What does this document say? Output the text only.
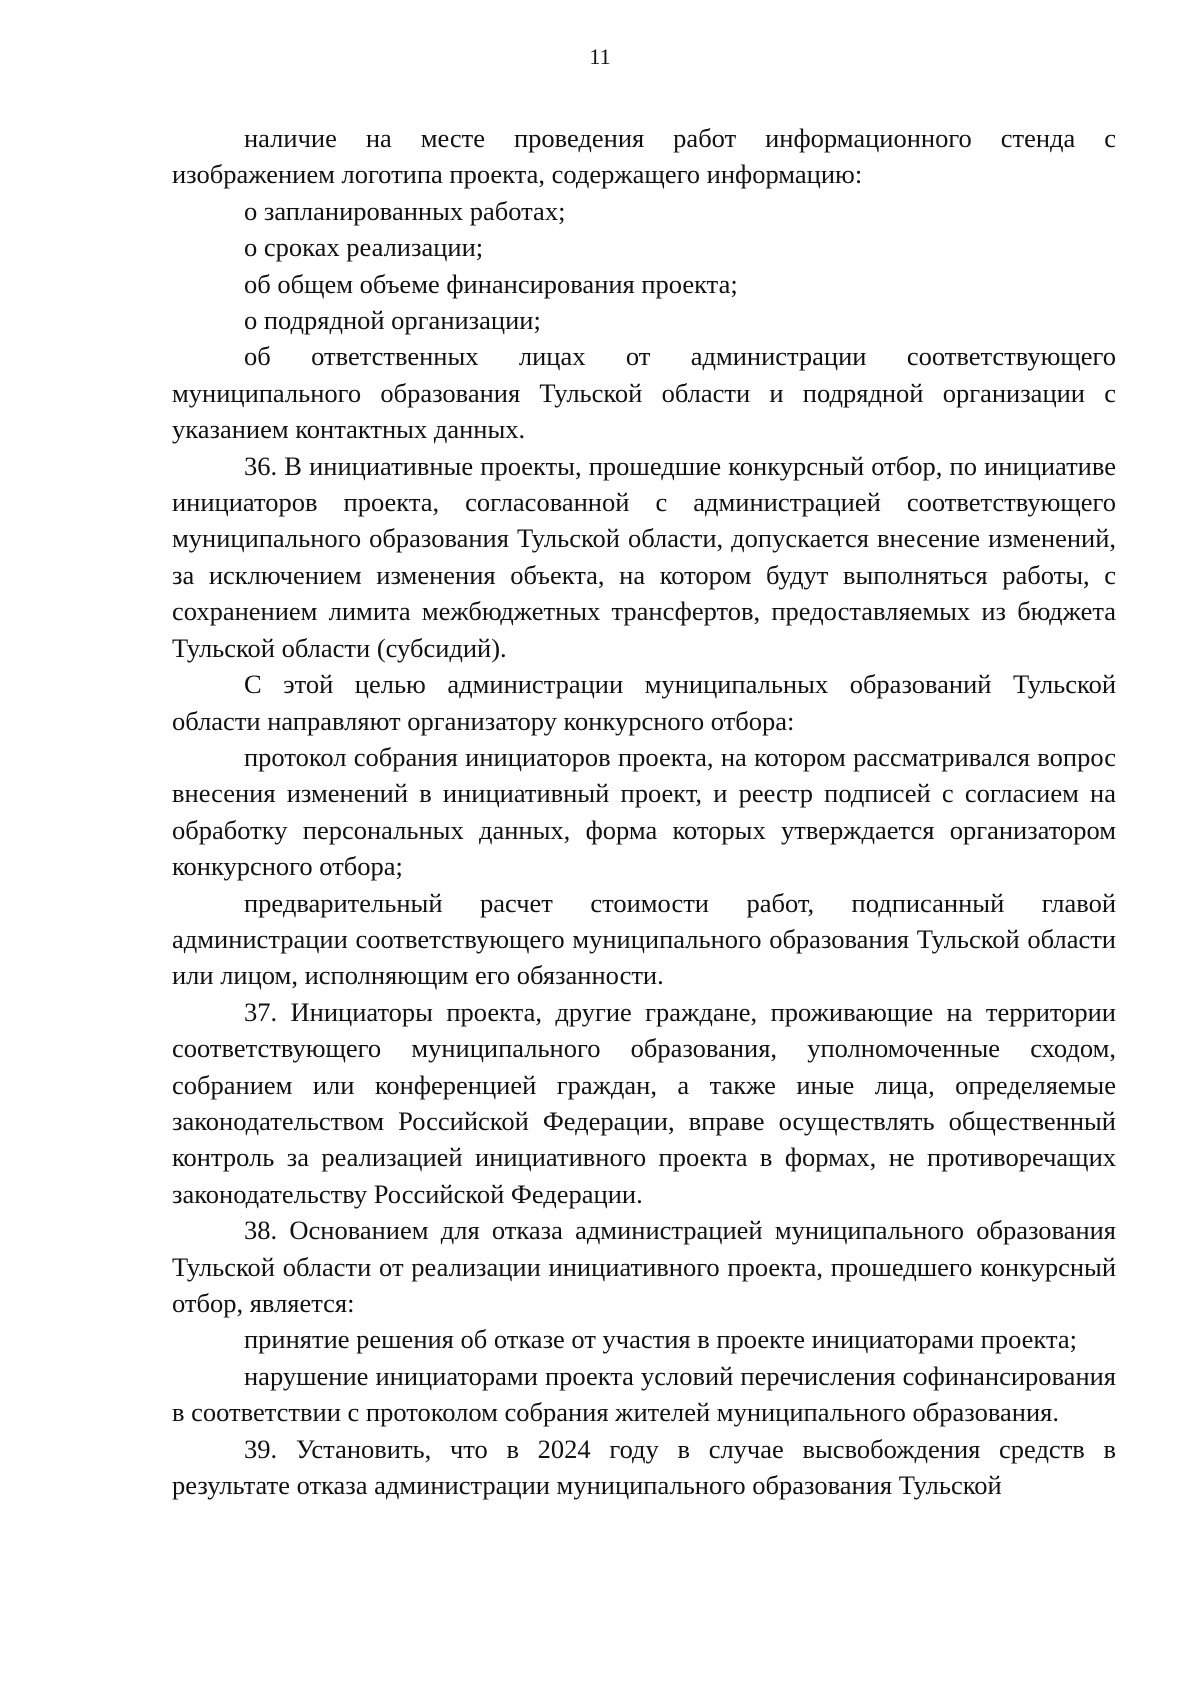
11

наличие на месте проведения работ информационного стенда с изображением логотипа проекта, содержащего информацию:

о запланированных работах;

о сроках реализации;

об общем объеме финансирования проекта;

о подрядной организации;

об ответственных лицах от администрации соответствующего муниципального образования Тульской области и подрядной организации с указанием контактных данных.

36. В инициативные проекты, прошедшие конкурсный отбор, по инициативе инициаторов проекта, согласованной с администрацией соответствующего муниципального образования Тульской области, допускается внесение изменений, за исключением изменения объекта, на котором будут выполняться работы, с сохранением лимита межбюджетных трансфертов, предоставляемых из бюджета Тульской области (субсидий).

С этой целью администрации муниципальных образований Тульской области направляют организатору конкурсного отбора:

протокол собрания инициаторов проекта, на котором рассматривался вопрос внесения изменений в инициативный проект, и реестр подписей с согласием на обработку персональных данных, форма которых утверждается организатором конкурсного отбора;

предварительный расчет стоимости работ, подписанный главой администрации соответствующего муниципального образования Тульской области или лицом, исполняющим его обязанности.

37. Инициаторы проекта, другие граждане, проживающие на территории соответствующего муниципального образования, уполномоченные сходом, собранием или конференцией граждан, а также иные лица, определяемые законодательством Российской Федерации, вправе осуществлять общественный контроль за реализацией инициативного проекта в формах, не противоречащих законодательству Российской Федерации.

38. Основанием для отказа администрацией муниципального образования Тульской области от реализации инициативного проекта, прошедшего конкурсный отбор, является:

принятие решения об отказе от участия в проекте инициаторами проекта;

нарушение инициаторами проекта условий перечисления софинансирования в соответствии с протоколом собрания жителей муниципального образования.

39. Установить, что в 2024 году в случае высвобождения средств в результате отказа администрации муниципального образования Тульской
